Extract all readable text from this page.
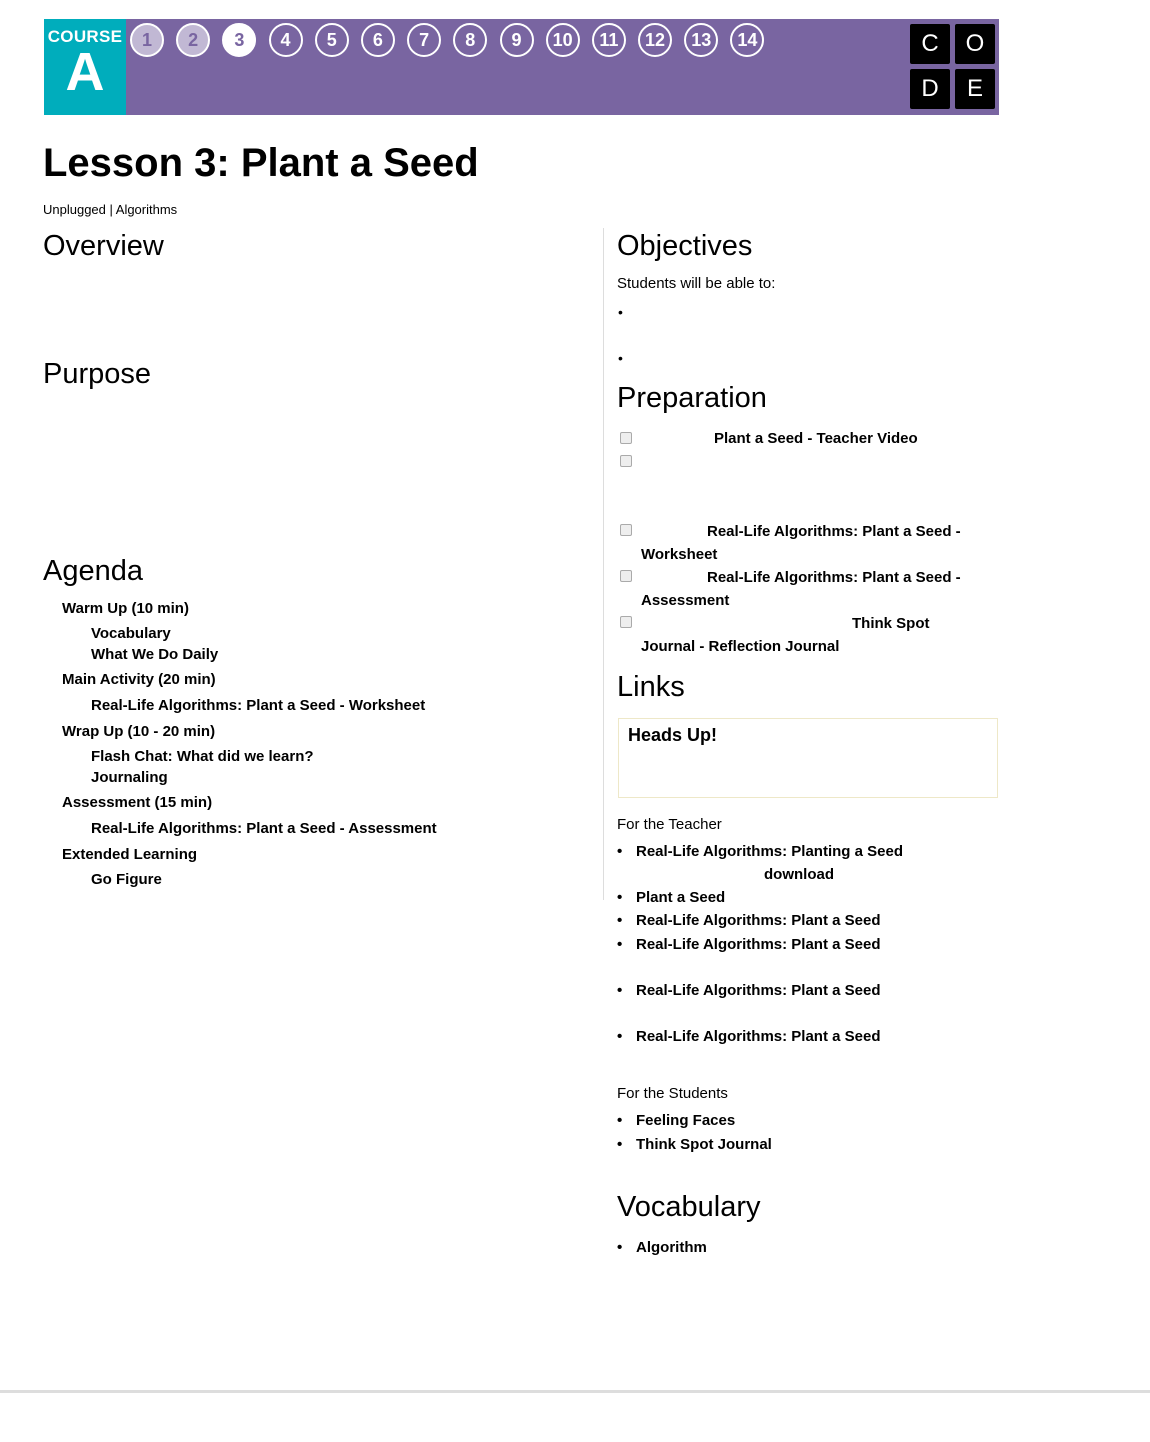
COURSE
A
1	2	3	4	5	6	7	8	9	10	11	12	13	14	C	O
D	E
Lesson 3: Plant a Seed
Unplugged | Algorithms
Overview
Purpose
Agenda
Warm Up (10 min)
Vocabulary
What We Do Daily
Main Activity (20 min)
Real-Life Algorithms: Plant a Seed - Worksheet
Wrap Up (10 - 20 min)
Flash Chat: What did we learn?
Journaling
Assessment (15 min)
Real-Life Algorithms: Plant a Seed - Assessment
Extended Learning
Go Figure
Objectives
Students will be able to:
•
•
Preparation
Plant a Seed - Teacher Video
Real-Life Algorithms: Plant a Seed -
Worksheet
Real-Life Algorithms: Plant a Seed -
Assessment
Think Spot
Journal - Reflection Journal
Links
Heads Up!
For the Teacher
• Real-Life Algorithms: Planting a Seed
download
• Plant a Seed
• Real-Life Algorithms: Plant a Seed
• Real-Life Algorithms: Plant a Seed
• Real-Life Algorithms: Plant a Seed
• Real-Life Algorithms: Plant a Seed
For the Students
• Feeling Faces
• Think Spot Journal
Vocabulary
• Algorithm
